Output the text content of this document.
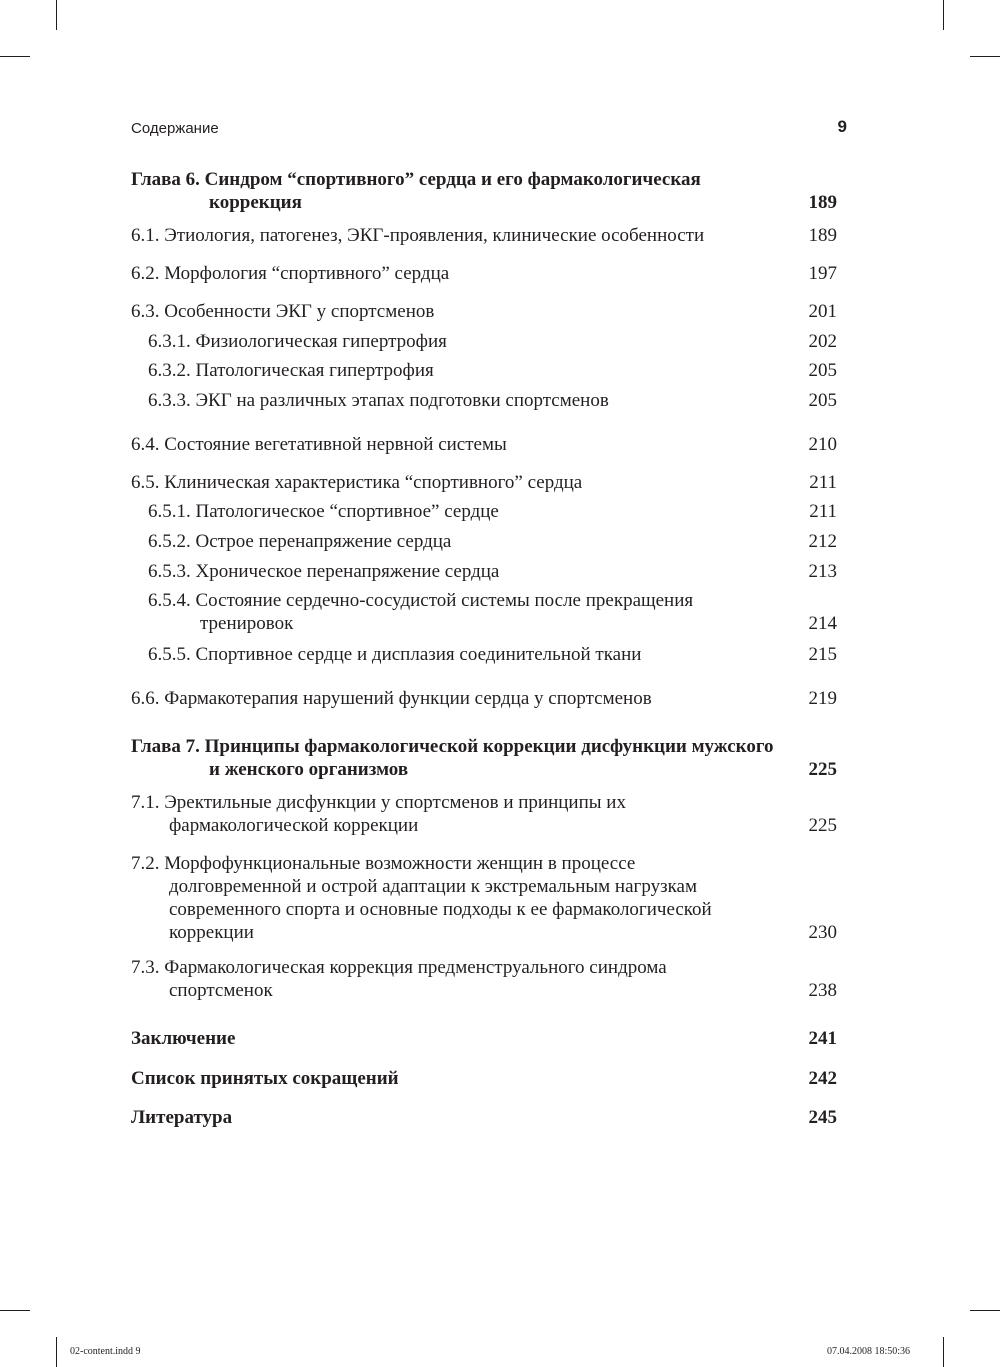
Содержание	9
Глава 6. Синдром “спортивного” сердца и его фармакологическая
коррекция	189
6.1. Этиология, патогенез, ЭКГ-проявления, клинические особенности	189
6.2. Морфология “спортивного” сердца	197
6.3. Особенности ЭКГ у спортсменов	201
6.3.1. Физиологическая гипертрофия	202
6.3.2. Патологическая гипертрофия	205
6.3.3. ЭКГ на различных этапах подготовки спортсменов	205
6.4. Состояние вегетативной нервной системы	210
6.5. Клиническая характеристика “спортивного” сердца	211
6.5.1. Патологическое “спортивное” сердце	211
6.5.2. Острое перенапряжение сердца	212
6.5.3. Хроническое перенапряжение сердца	213
6.5.4. Состояние сердечно-сосудистой системы после прекращения
тренировок	214
6.5.5. Спортивное сердце и дисплазия соединительной ткани	215
6.6. Фармакотерапия нарушений функции сердца у спортсменов	219
Глава 7. Принципы фармакологической коррекции дисфункции мужского
и женского организмов	225
7.1. Эректильные дисфункции у спортсменов и принципы их
фармакологической коррекции	225
7.2. Морфофункциональные возможности женщин в процессе
долговременной и острой адаптации к экстремальным нагрузкам
современного спорта и основные подходы к ее фармакологической
коррекции	230
7.3. Фармакологическая коррекция предменструального синдрома
спортсменок	238
Заключение	241
Список принятых сокращений	242
Литература	245
02-content.indd 9	07.04.2008 18:50:36
